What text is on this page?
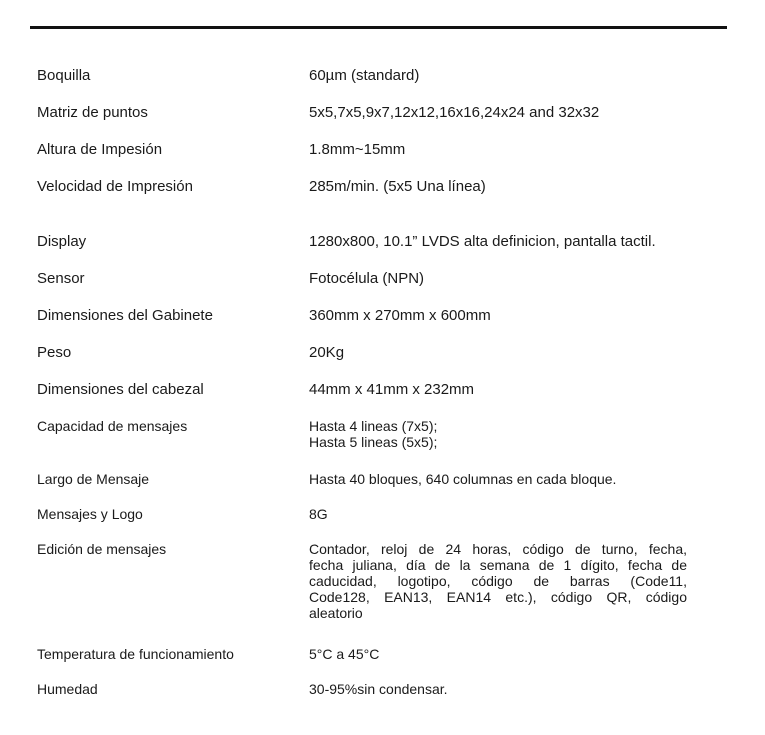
Boquilla	60µm (standard)
Matriz de puntos	5x5,7x5,9x7,12x12,16x16,24x24 and 32x32
Altura de Impesión	1.8mm~15mm
Velocidad de Impresión	285m/min. (5x5 Una línea)
Display	1280x800, 10.1” LVDS alta definicion, pantalla tactil.
Sensor	Fotocélula (NPN)
Dimensiones del Gabinete	360mm x 270mm x 600mm
Peso	20Kg
Dimensiones del cabezal	44mm x 41mm x 232mm
Capacidad de mensajes	Hasta 4 lineas (7x5);
Hasta 5 lineas (5x5);
Largo de Mensaje	Hasta 40 bloques, 640 columnas en cada bloque.
Mensajes y Logo	8G
Edición de mensajes	Contador, reloj de 24 horas, código de turno, fecha,
fecha juliana, día de la semana de 1 dígito, fecha de
caducidad, logotipo, código de barras (Code11,
Code128, EAN13, EAN14 etc.), código QR, código
aleatorio
Temperatura de funcionamiento	5°C a 45°C
Humedad	30-95%sin condensar.
